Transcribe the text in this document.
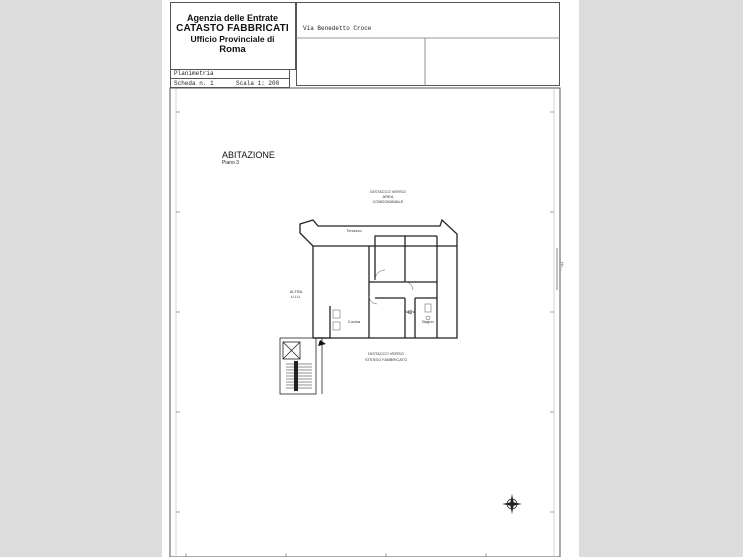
Agenzia delle Entrate
CATASTO FABBRICATI
Ufficio Provinciale di
Roma
Via Benedetto Croce
Planimetria
Scheda n. 1	Scala 1: 200
ABITAZIONE
Piano 3
DISTACCO VERSO
AREA
CONDOMINIALE
ALTRA
U.I.U.
DISTACCO VERSO
STESSO FABBRICATO
Terrazzo
Cucina
Bagno
Bagno
H=...
